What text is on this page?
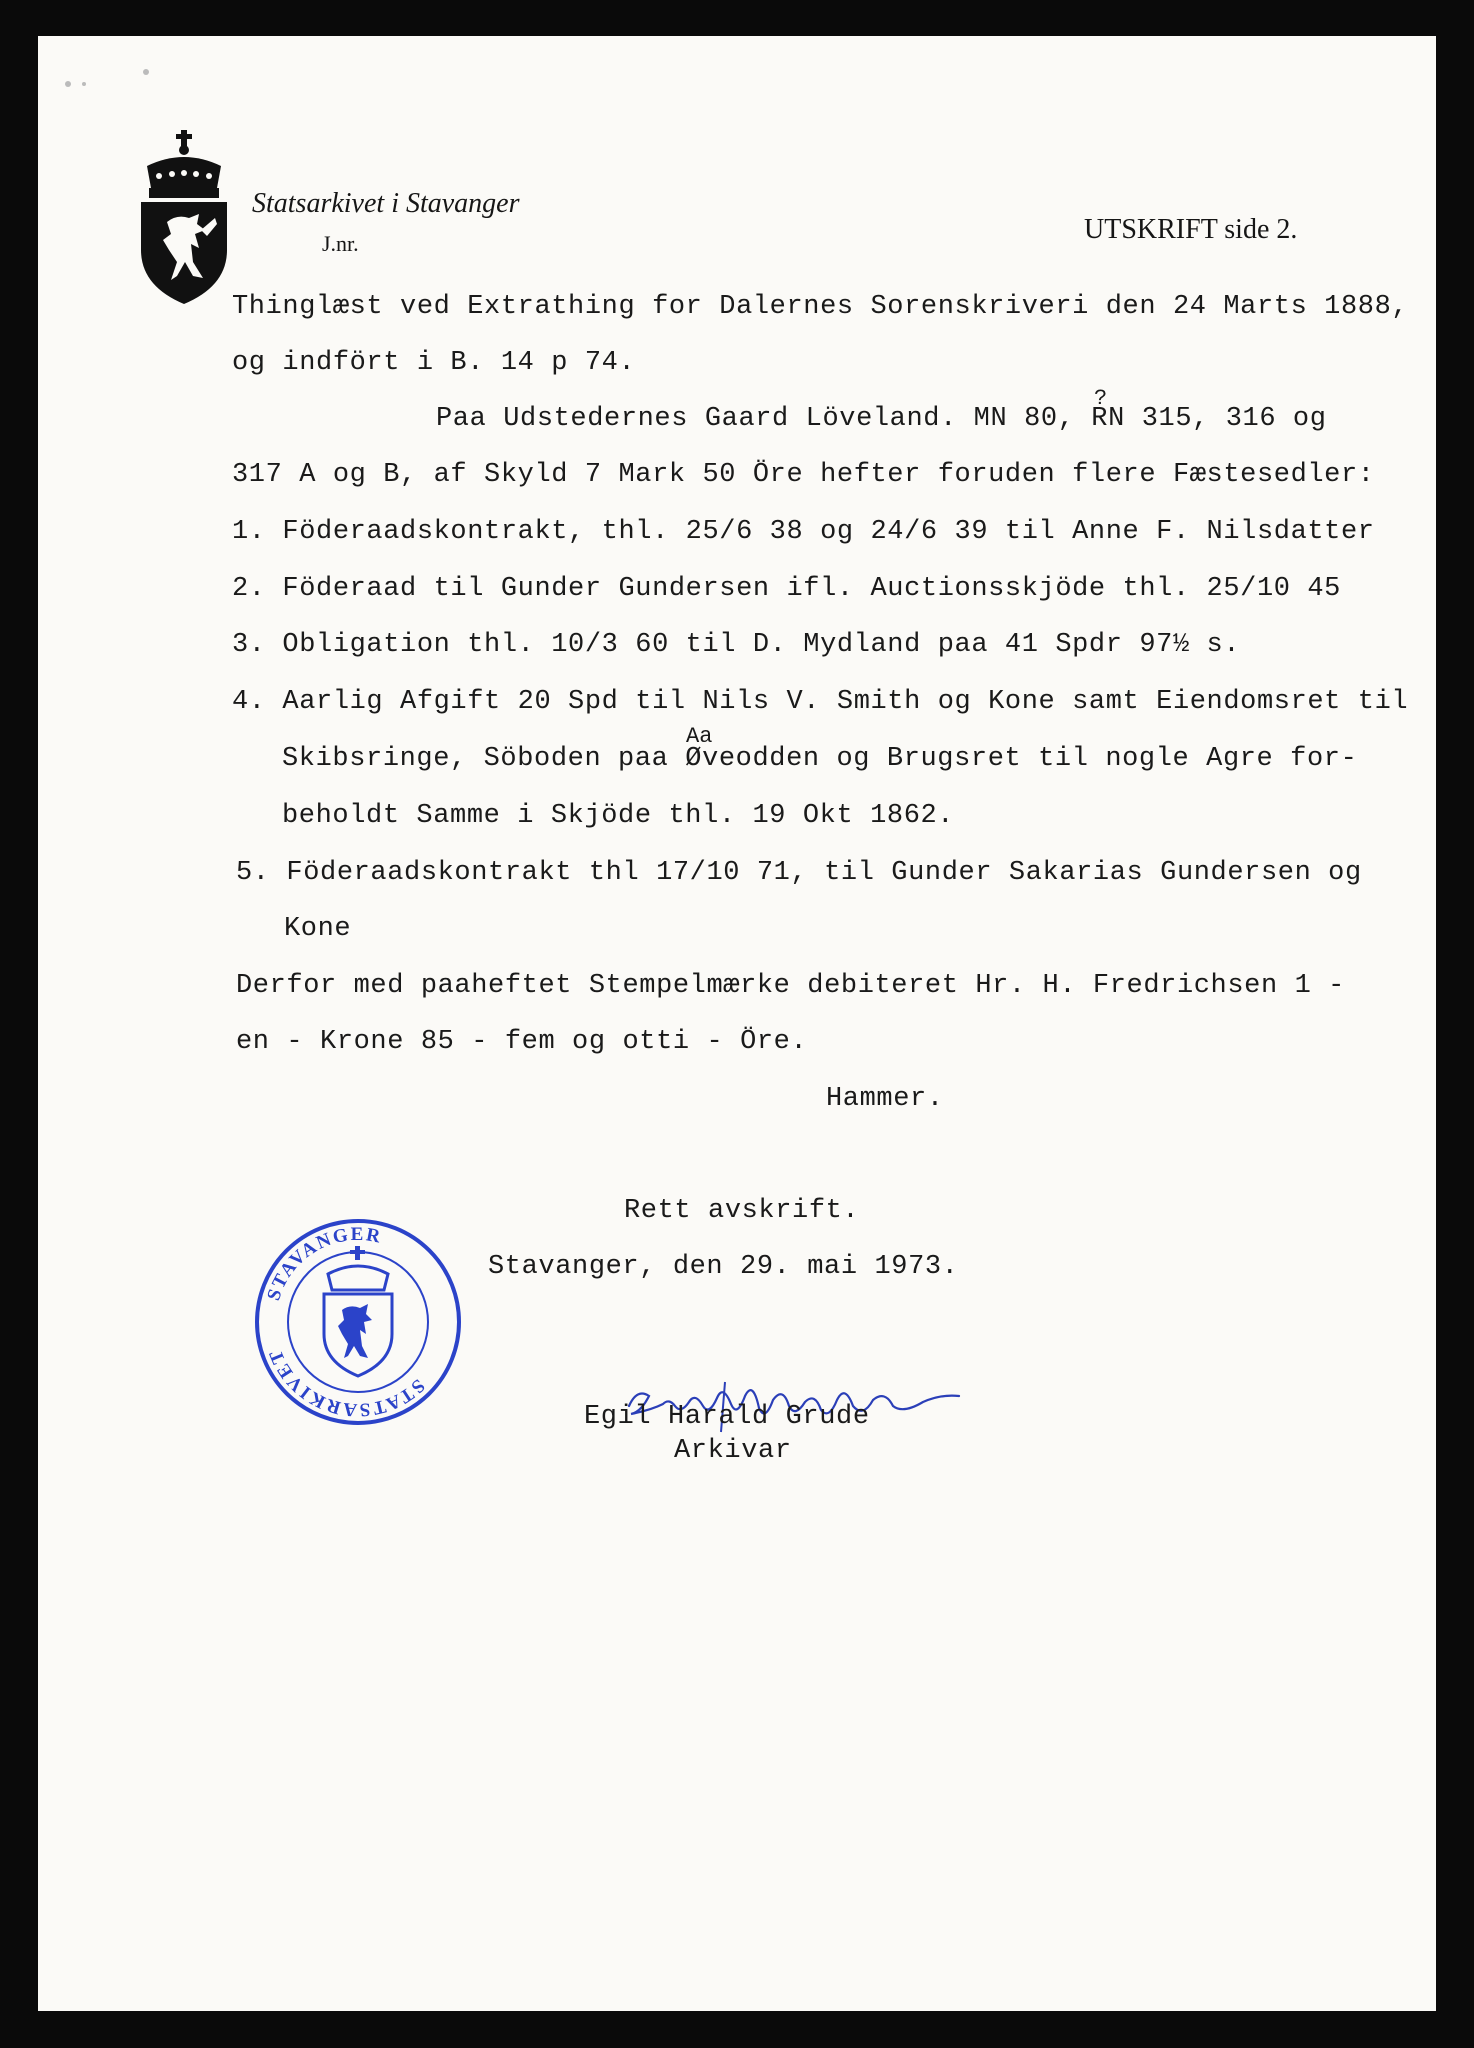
Statsarkivet i Stavanger
J.nr.	UTSKRIFT side 2.
Thinglæst ved Extrathing for Dalernes Sorenskriveri den 24 Marts 1888,
og indfört i B. 14 p 74.
?
Paa Udstedernes Gaard Löveland. MN 80, RN 315, 316 og
317 A og B, af Skyld 7 Mark 50 Öre hefter foruden flere Fæstesedler:
1. Föderaadskontrakt, thl. 25/6 38 og 24/6 39 til Anne F. Nilsdatter
2. Föderaad til Gunder Gundersen ifl. Auctionsskjöde thl. 25/10 45
3. Obligation thl. 10/3 60 til D. Mydland paa 41 Spdr 97½ s.
4. Aarlig Afgift 20 Spd til Nils V. Smith og Kone samt Eiendomsret til
Aa
Skibsringe, Söboden paa Øveodden og Brugsret til nogle Agre for-
beholdt Samme i Skjöde thl. 19 Okt 1862.
5. Föderaadskontrakt thl 17/10 71, til Gunder Sakarias Gundersen og
Kone
Derfor med paaheftet Stempelmærke debiteret Hr. H. Fredrichsen 1 -
en - Krone 85 - fem og otti - Öre.
Hammer.
Rett avskrift.
Stavanger, den 29. mai 1973.
STATSARKIVET
STAVANGER
Egil Harald Grude
Arkivar
